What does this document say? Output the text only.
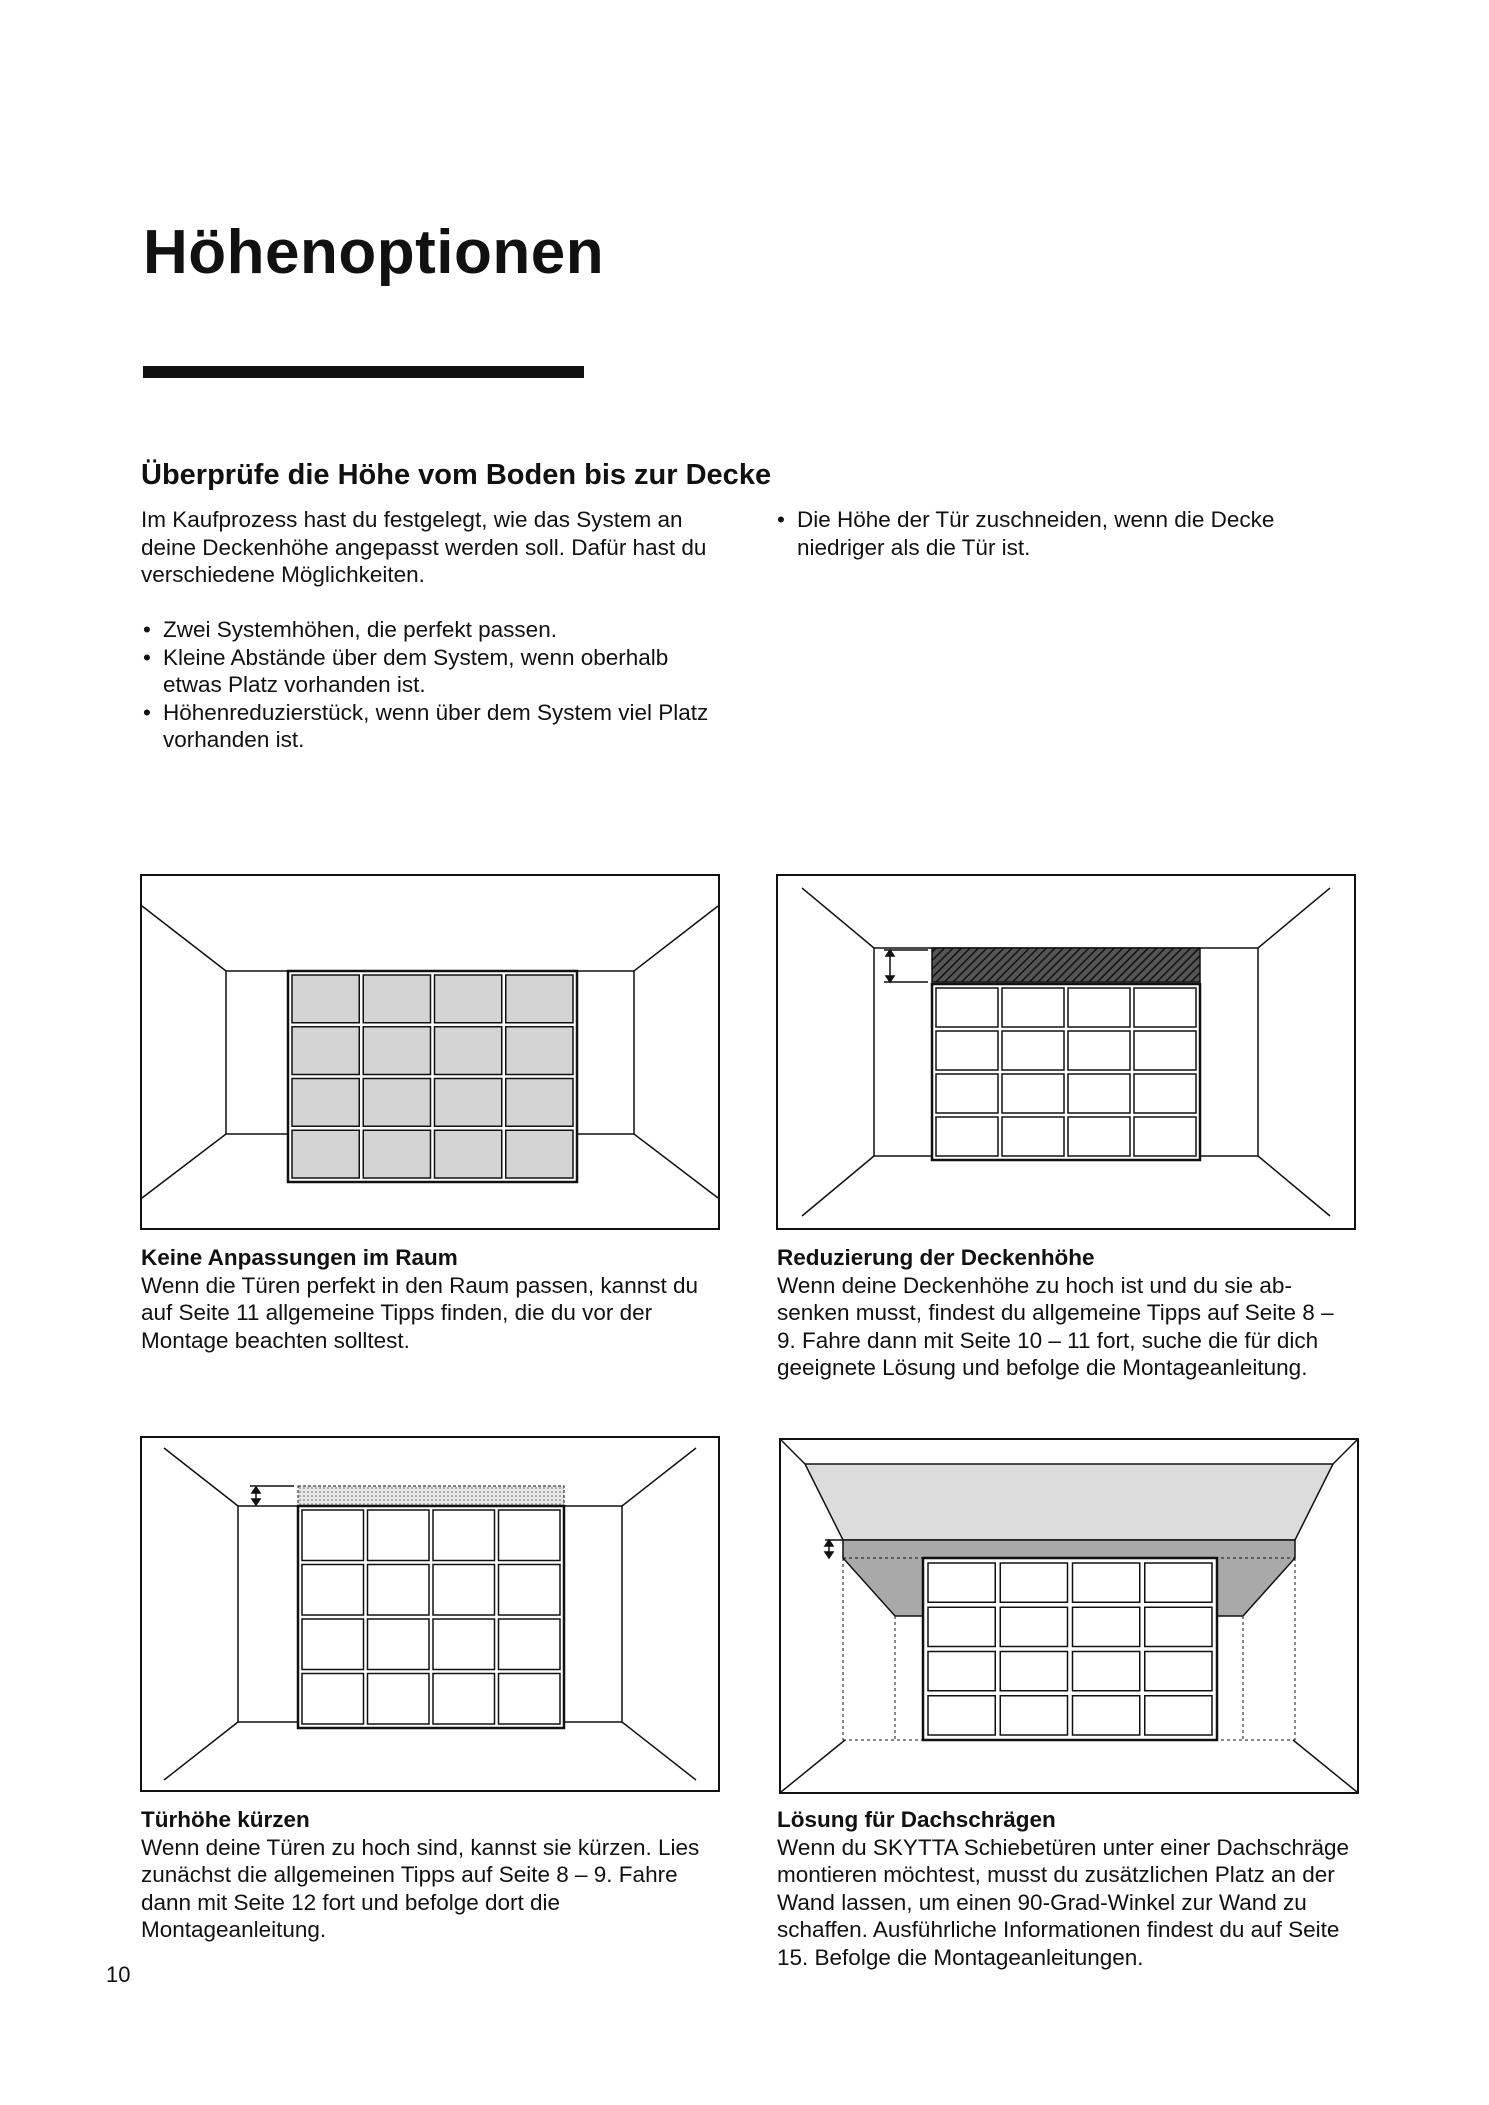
Höhenoptionen
Überprüfe die Höhe vom Boden bis zur Decke

Im Kaufprozess hast du festgelegt, wie das System an deine Deckenhöhe angepasst werden soll. Dafür hast du verschiedene Möglichkeiten.

• Zwei Systemhöhen, die perfekt passen.
• Kleine Abstände über dem System, wenn oberhalb etwas Platz vorhanden ist.
• Höhenreduzierstück, wenn über dem System viel Platz vorhanden ist.
• Die Höhe der Tür zuschneiden, wenn die Decke niedriger als die Tür ist.

Keine Anpassungen im Raum

Wenn die Türen perfekt in den Raum passen, kannst du auf Seite 11 allgemeine Tipps finden, die du vor der Montage beachten solltest.

Reduzierung der Deckenhöhe

Wenn deine Deckenhöhe zu hoch ist und du sie absenken musst, findest du allgemeine Tipps auf Seite 8 – 9. Fahre dann mit Seite 10 – 11 fort, suche die für dich geeignete Lösung und befolge die Montageanleitung.

Türhöhe kürzen

Wenn deine Türen zu hoch sind, kannst sie kürzen. Lies zunächst die allgemeinen Tipps auf Seite 8 – 9. Fahre dann mit Seite 12 fort und befolge dort die Montageanleitung.

Lösung für Dachschrägen

Wenn du SKYTTA Schiebetüren unter einer Dachschräge montieren möchtest, musst du zusätzlichen Platz an der Wand lassen, um einen 90-Grad-Winkel zur Wand zu schaffen. Ausführliche Informationen findest du auf Seite 15. Befolge die Montageanleitungen.

10
